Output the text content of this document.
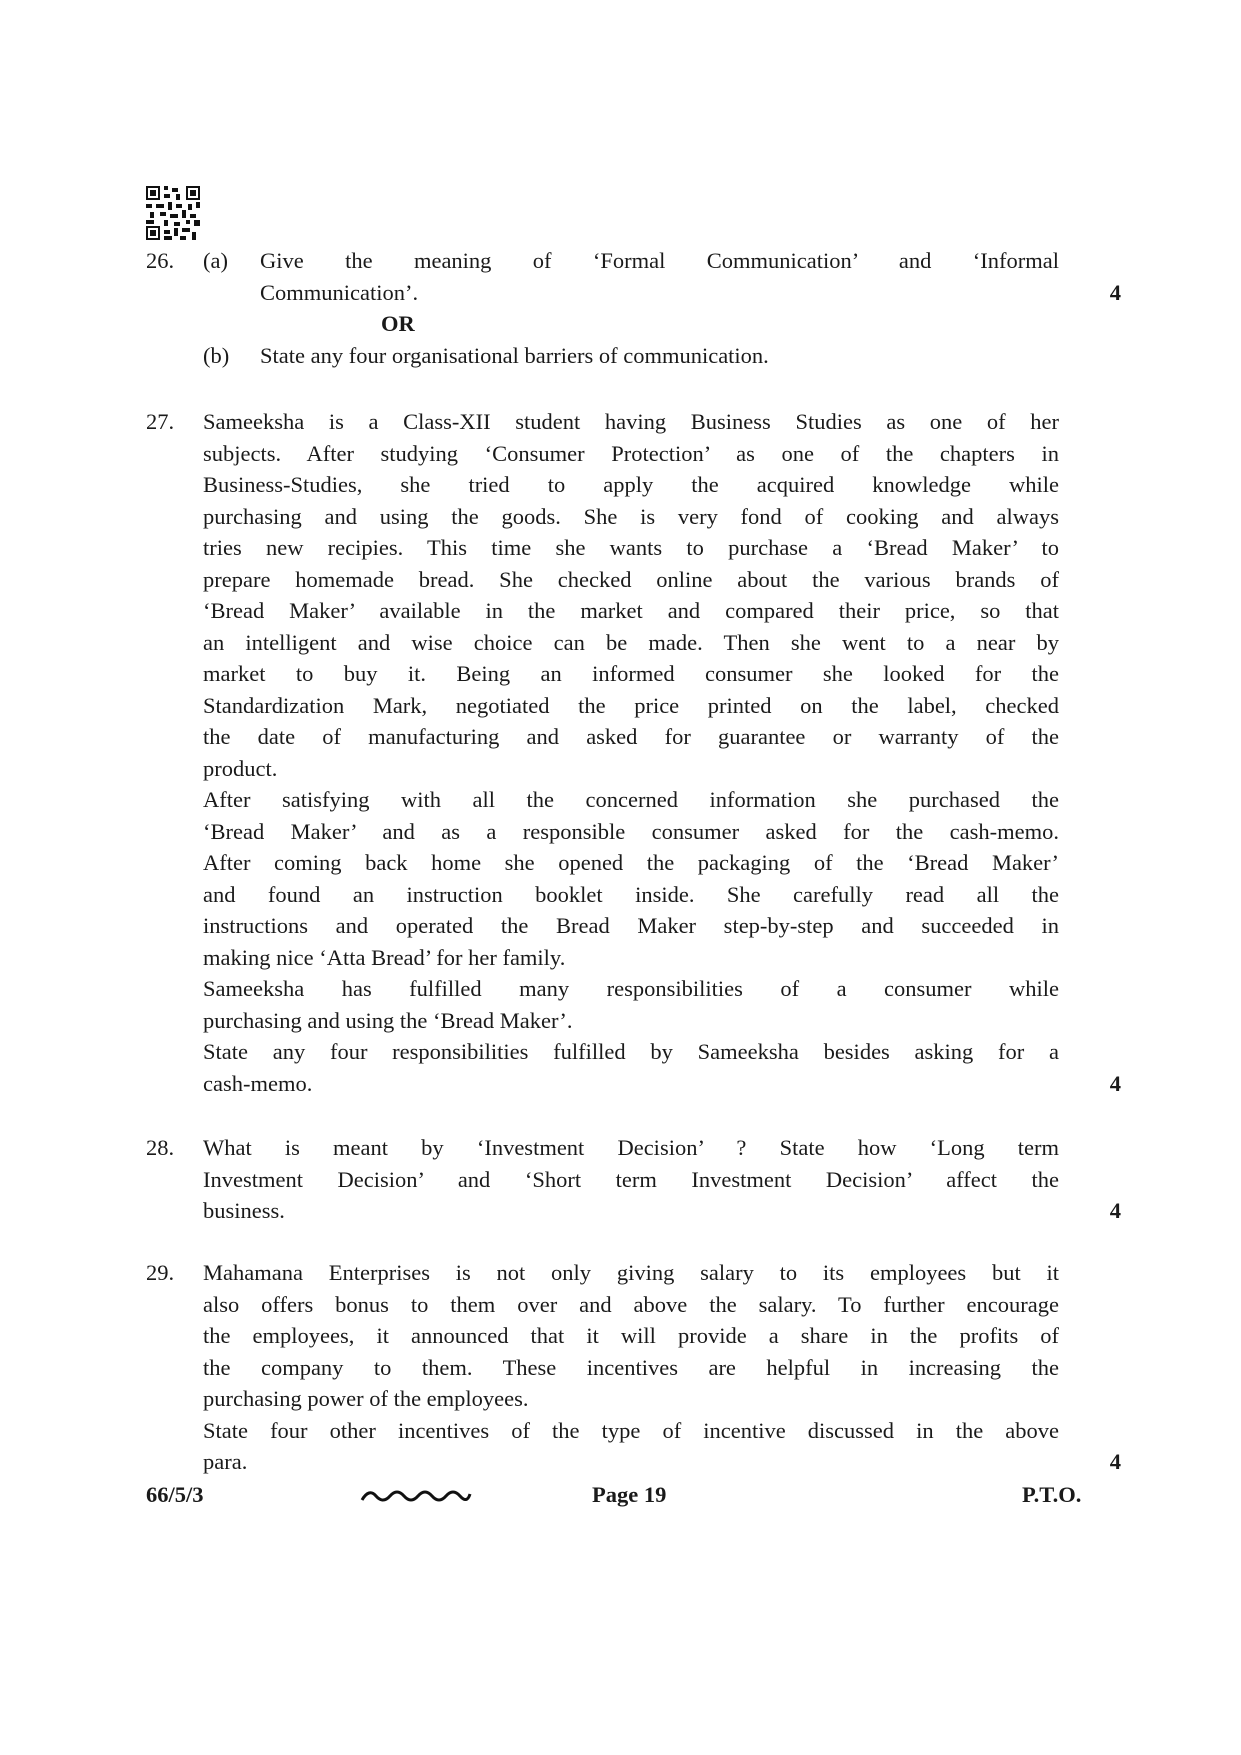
26.	(a)	Give the meaning of ‘Formal Communication’ and ‘Informal
Communication’.	4
OR
(b)	State any four organisational barriers of communication.
27.	Sameeksha is a Class-XII student having Business Studies as one of her
subjects. After studying ‘Consumer Protection’ as one of the chapters in
Business-Studies, she tried to apply the acquired knowledge while
purchasing and using the goods. She is very fond of cooking and always
tries new recipies. This time she wants to purchase a ‘Bread Maker’ to
prepare homemade bread. She checked online about the various brands of
‘Bread Maker’ available in the market and compared their price, so that
an intelligent and wise choice can be made. Then she went to a near by
market to buy it. Being an informed consumer she looked for the
Standardization Mark, negotiated the price printed on the label, checked
the date of manufacturing and asked for guarantee or warranty of the
product.
After satisfying with all the concerned information she purchased the
‘Bread Maker’ and as a responsible consumer asked for the cash-memo.
After coming back home she opened the packaging of the ‘Bread Maker’
and found an instruction booklet inside. She carefully read all the
instructions and operated the Bread Maker step-by-step and succeeded in
making nice ‘Atta Bread’ for her family.
Sameeksha has fulfilled many responsibilities of a consumer while
purchasing and using the ‘Bread Maker’.
State any four responsibilities fulfilled by Sameeksha besides asking for a
cash-memo.	4
28.	What is meant by ‘Investment Decision’ ? State how ‘Long term
Investment Decision’ and ‘Short term Investment Decision’ affect the
business.	4
29.	Mahamana Enterprises is not only giving salary to its employees but it
also offers bonus to them over and above the salary. To further encourage
the employees, it announced that it will provide a share in the profits of
the company to them. These incentives are helpful in increasing the
purchasing power of the employees.
State four other incentives of the type of incentive discussed in the above
para.	4
66/5/3	Page 19	P.T.O.
